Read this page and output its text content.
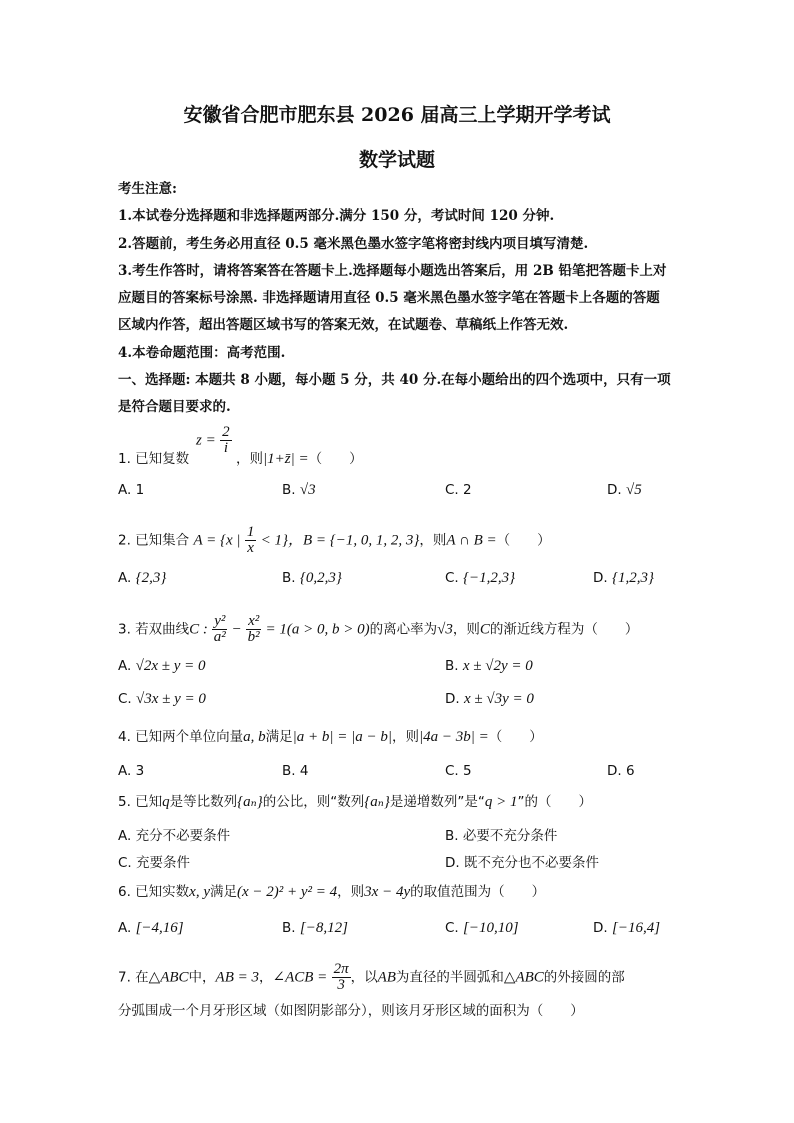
安徽省合肥市肥东县 2026 届高三上学期开学考试
数学试题
考生注意:
1.本试卷分选择题和非选择题两部分.满分 150 分，考试时间 120 分钟.
2.答题前，考生务必用直径 0.5 毫米黑色墨水签字笔将密封线内项目填写清楚.
3.考生作答时，请将答案答在答题卡上.选择题每小题选出答案后，用 2B 铅笔把答题卡上对
应题目的答案标号涂黑. 非选择题请用直径 0.5 毫米黑色墨水签字笔在答题卡上各题的答题
区域内作答，超出答题区域书写的答案无效，在试题卷、草稿纸上作答无效.
4.本卷命题范围：高考范围.
一、选择题: 本题共 8 小题，每小题 5 分，共 40 分.在每小题给出的四个选项中，只有一项
是符合题目要求的.
1. 已知复数
$z = \frac{2}{i}$
，则|1+z̄| =（　　）
A. 1	B. √3	C. 2	D. √5
2. 已知集合 A = {x | $\frac{1}{x} < 1$}，B = {−1, 0, 1, 2, 3}，则A ∩ B =（　　）
A. {2,3}	B. {0,2,3}	C. {−1,2,3}	D. {1,2,3}
3. 若双曲线C : $\frac{\text{y²}}{\text{a²}} - \frac{\text{x²}}{\text{b²}} = 1(a > 0$, b > 0)的离心率为√3，则C的渐近线方程为（　　）
A. √2x ± y = 0	B. x ± √2y = 0
C. √3x ± y = 0	D. x ± √3y = 0
4. 已知两个单位向量a, b满足|a + b| = |a − b|，则|4a − 3b| =（　　）
A. 3	B. 4	C. 5	D. 6
5. 已知q是等比数列{aₙ}的公比，则“数列{aₙ}是递增数列”是“q > 1”的（　　）
A. 充分不必要条件	B. 必要不充分条件
C. 充要条件	D. 既不充分也不必要条件
6. 已知实数x, y满足(x − 2)² + y² = 4，则3x − 4y的取值范围为（　　）
A. [−4,16]	B. [−8,12]	C. [−10,10]	D. [−16,4]
7. 在△ABC中，AB = 3，∠ACB = $\frac{2\pi}{3}$ ，以AB为直径的半圆弧和△ABC的外接圆的部
分弧围成一个月牙形区域（如图阴影部分），则该月牙形区域的面积为（　　）
